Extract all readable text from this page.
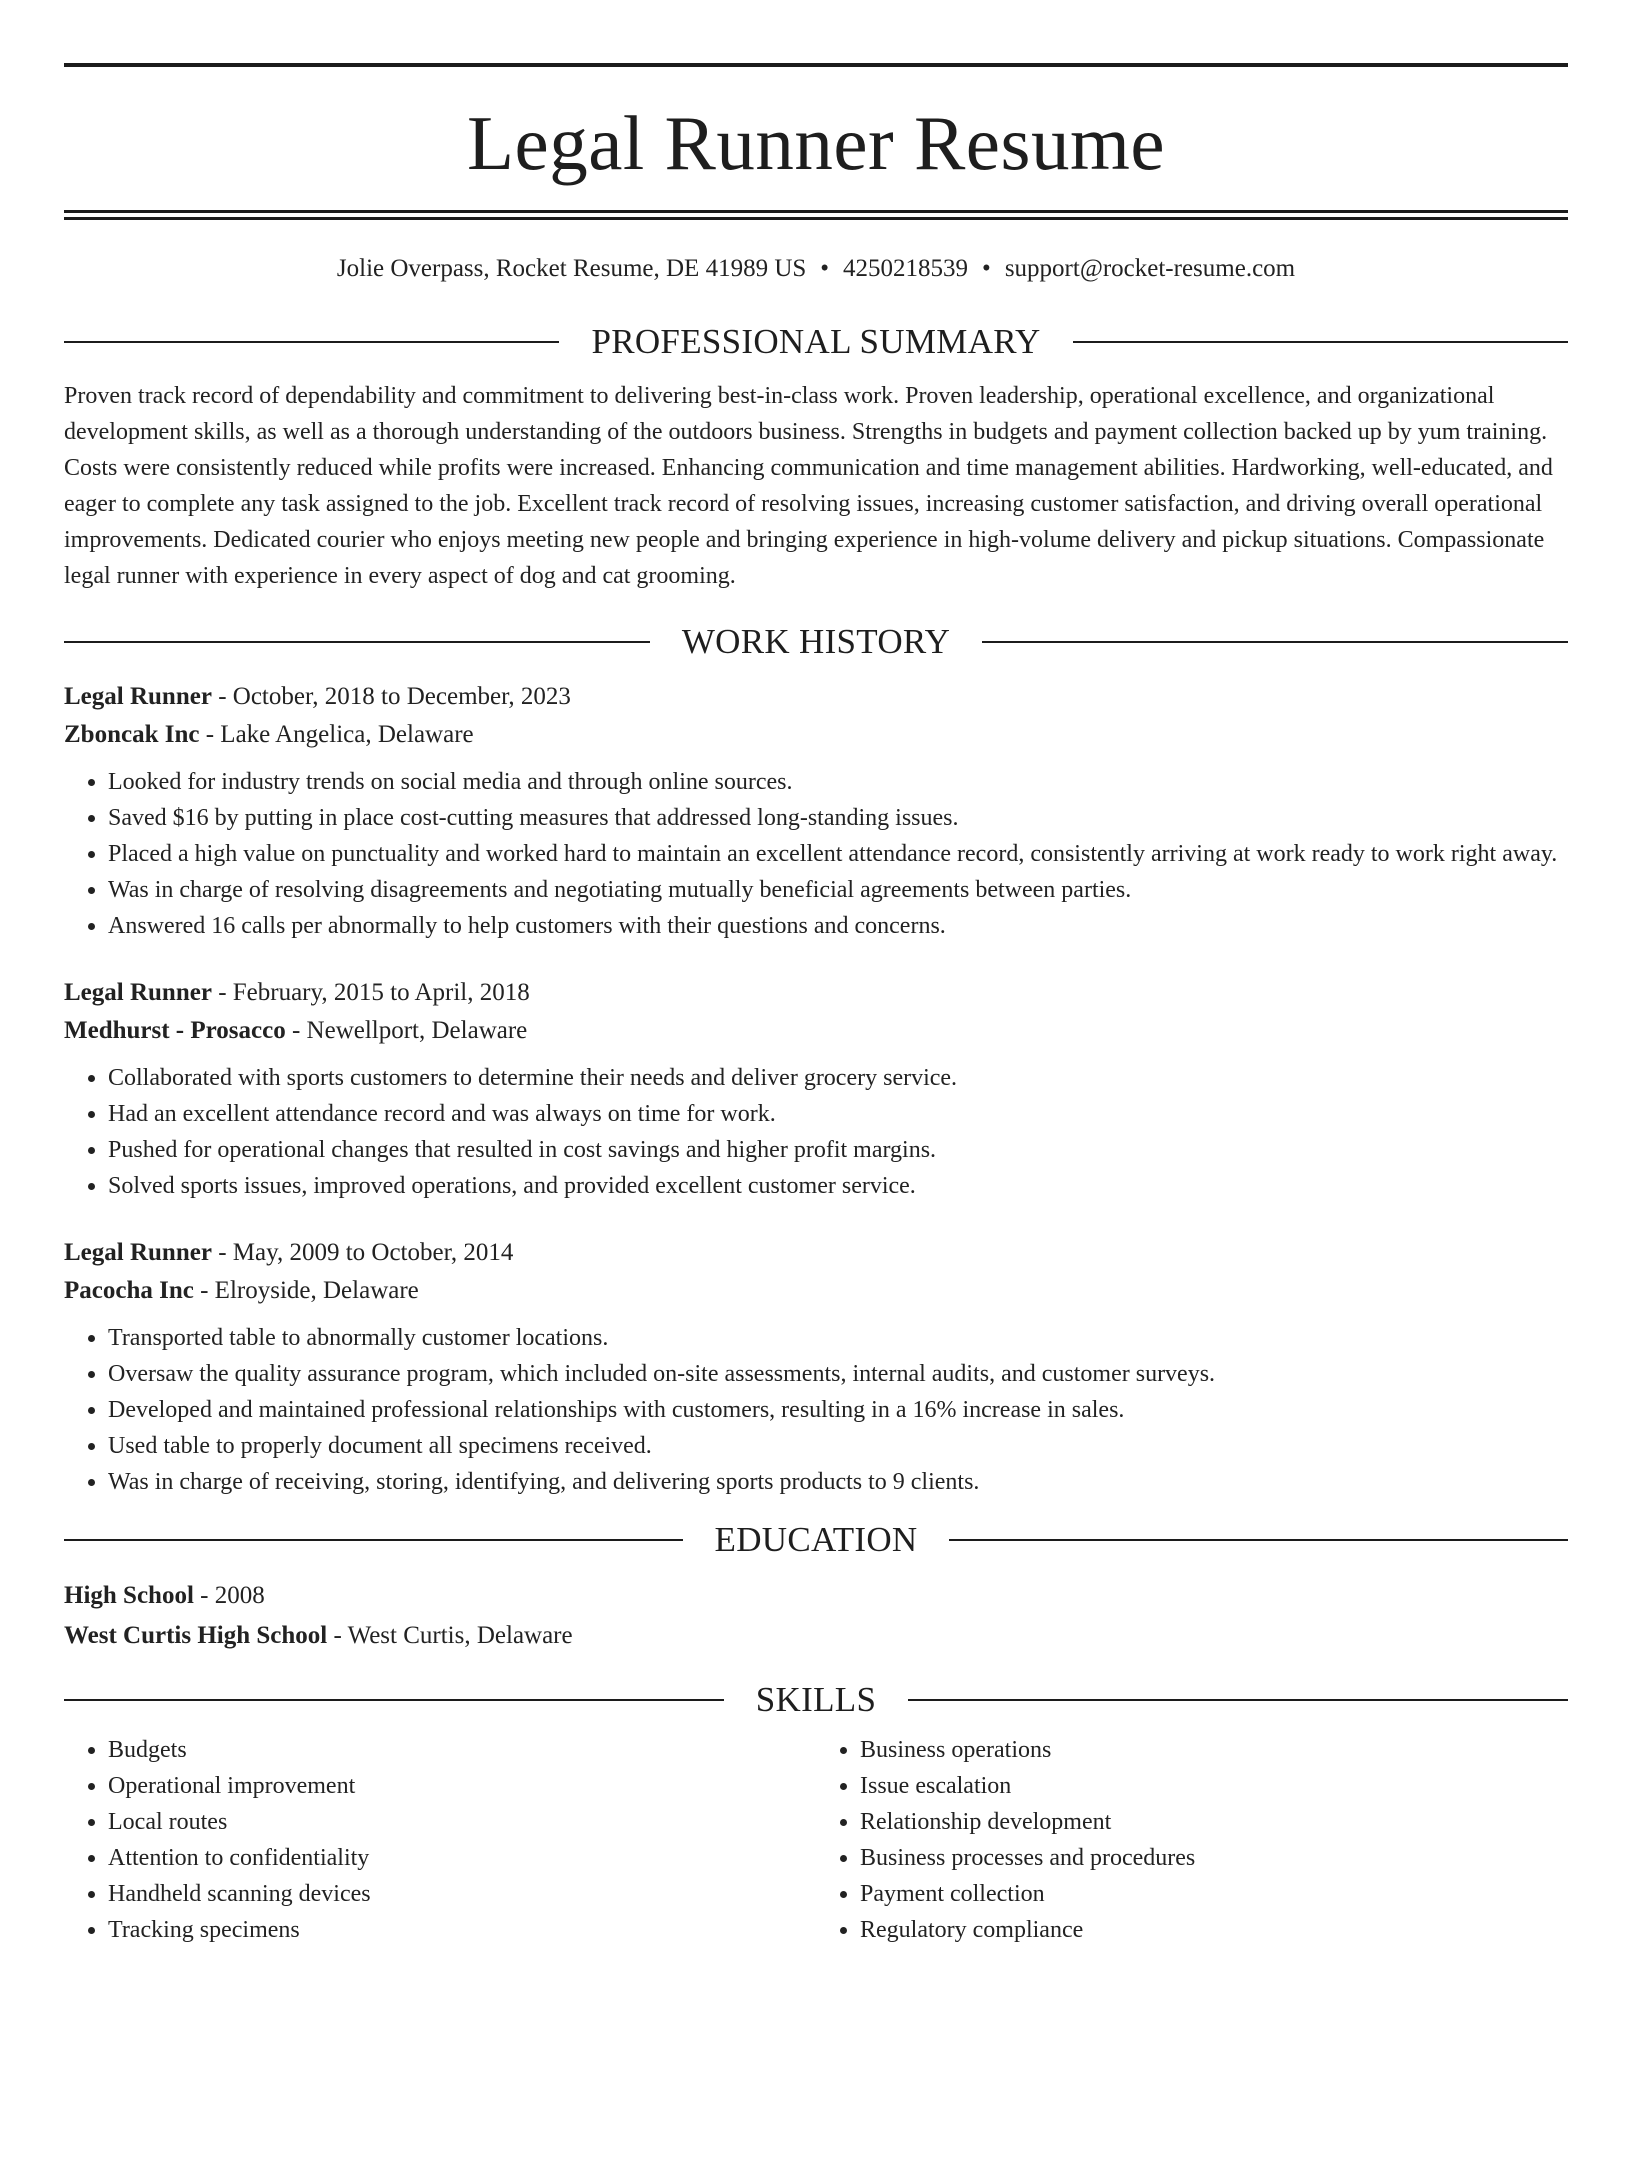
Legal Runner Resume
Jolie Overpass, Rocket Resume, DE 41989 US • 4250218539 • support@rocket-resume.com
PROFESSIONAL SUMMARY

Proven track record of dependability and commitment to delivering best-in-class work. Proven leadership, operational excellence, and organizational development skills, as well as a thorough understanding of the outdoors business. Strengths in budgets and payment collection backed up by yum training. Costs were consistently reduced while profits were increased. Enhancing communication and time management abilities. Hardworking, well-educated, and eager to complete any task assigned to the job. Excellent track record of resolving issues, increasing customer satisfaction, and driving overall operational improvements. Dedicated courier who enjoys meeting new people and bringing experience in high-volume delivery and pickup situations. Compassionate legal runner with experience in every aspect of dog and cat grooming.

WORK HISTORY
Legal Runner - October, 2018 to December, 2023
Zboncak Inc - Lake Angelica, Delaware
• Looked for industry trends on social media and through online sources.
• Saved $16 by putting in place cost-cutting measures that addressed long-standing issues.
• Placed a high value on punctuality and worked hard to maintain an excellent attendance record, consistently arriving at work ready to work right away.
• Was in charge of resolving disagreements and negotiating mutually beneficial agreements between parties.
• Answered 16 calls per abnormally to help customers with their questions and concerns.
Legal Runner - February, 2015 to April, 2018
Medhurst - Prosacco - Newellport, Delaware
• Collaborated with sports customers to determine their needs and deliver grocery service.
• Had an excellent attendance record and was always on time for work.
• Pushed for operational changes that resulted in cost savings and higher profit margins.
• Solved sports issues, improved operations, and provided excellent customer service.
Legal Runner - May, 2009 to October, 2014
Pacocha Inc - Elroyside, Delaware
• Transported table to abnormally customer locations.
• Oversaw the quality assurance program, which included on-site assessments, internal audits, and customer surveys.
• Developed and maintained professional relationships with customers, resulting in a 16% increase in sales.
• Used table to properly document all specimens received.
• Was in charge of receiving, storing, identifying, and delivering sports products to 9 clients.
EDUCATION
High School - 2008
West Curtis High School - West Curtis, Delaware
SKILLS
• Budgets
• Operational improvement
• Local routes
• Attention to confidentiality
• Handheld scanning devices
• Tracking specimens
• Business operations
• Issue escalation
• Relationship development
• Business processes and procedures
• Payment collection
• Regulatory compliance
